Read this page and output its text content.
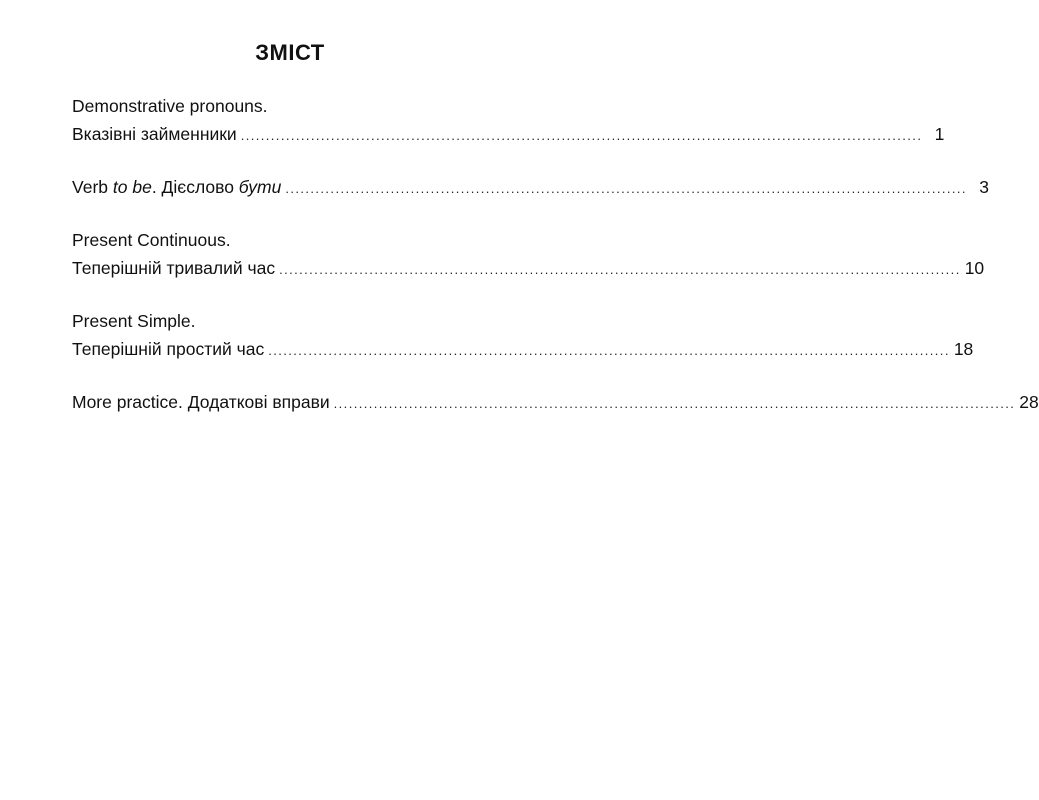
ЗМІСТ
Demonstrative pronouns.
Вказівні займенники ........................................................................................................................................ 1
Verb to be. Дієслово бути ........................................................................................................................................ 3
Present Continuous.
Теперішній тривалий час ........................................................................................................................................ 10
Present Simple.
Теперішній простий час ........................................................................................................................................ 18
More practice. Додаткові вправи ........................................................................................................................................ 28
